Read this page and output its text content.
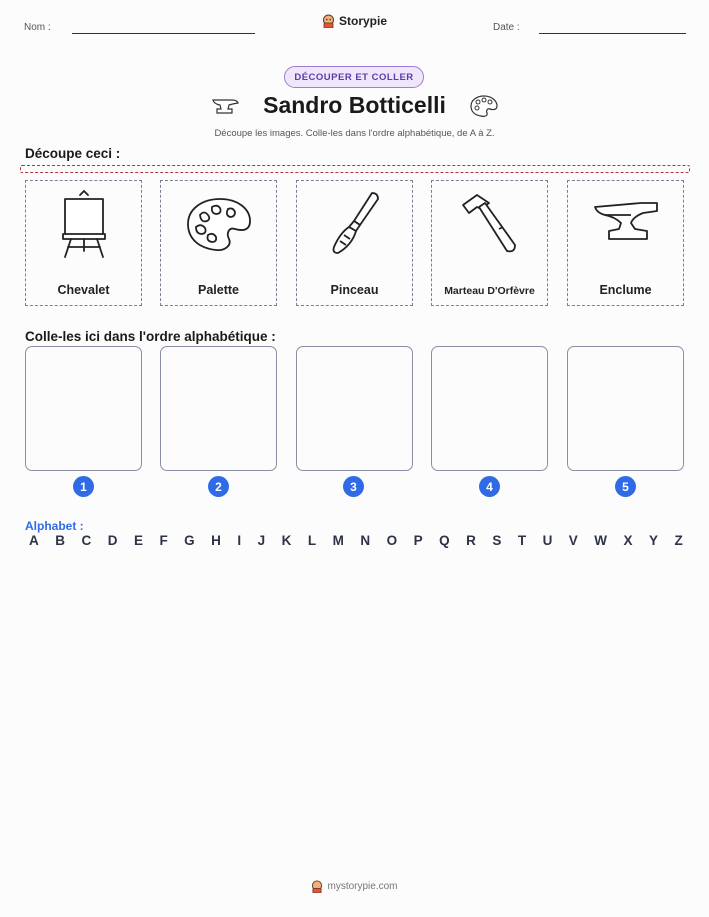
Nom :	Storypie	Date :
DÉCOUPER ET COLLER
Sandro Botticelli
Découpe les images. Colle-les dans l'ordre alphabétique, de A à Z.
Découpe ceci :
Chevalet	Palette	Pinceau	Marteau D'Orfèvre	Enclume
Colle-les ici dans l'ordre alphabétique :
1	2	3	4	5
Alphabet :
A B C D E F G H I J K L M N O P Q R S T U V W X Y Z
mystorypie.com
